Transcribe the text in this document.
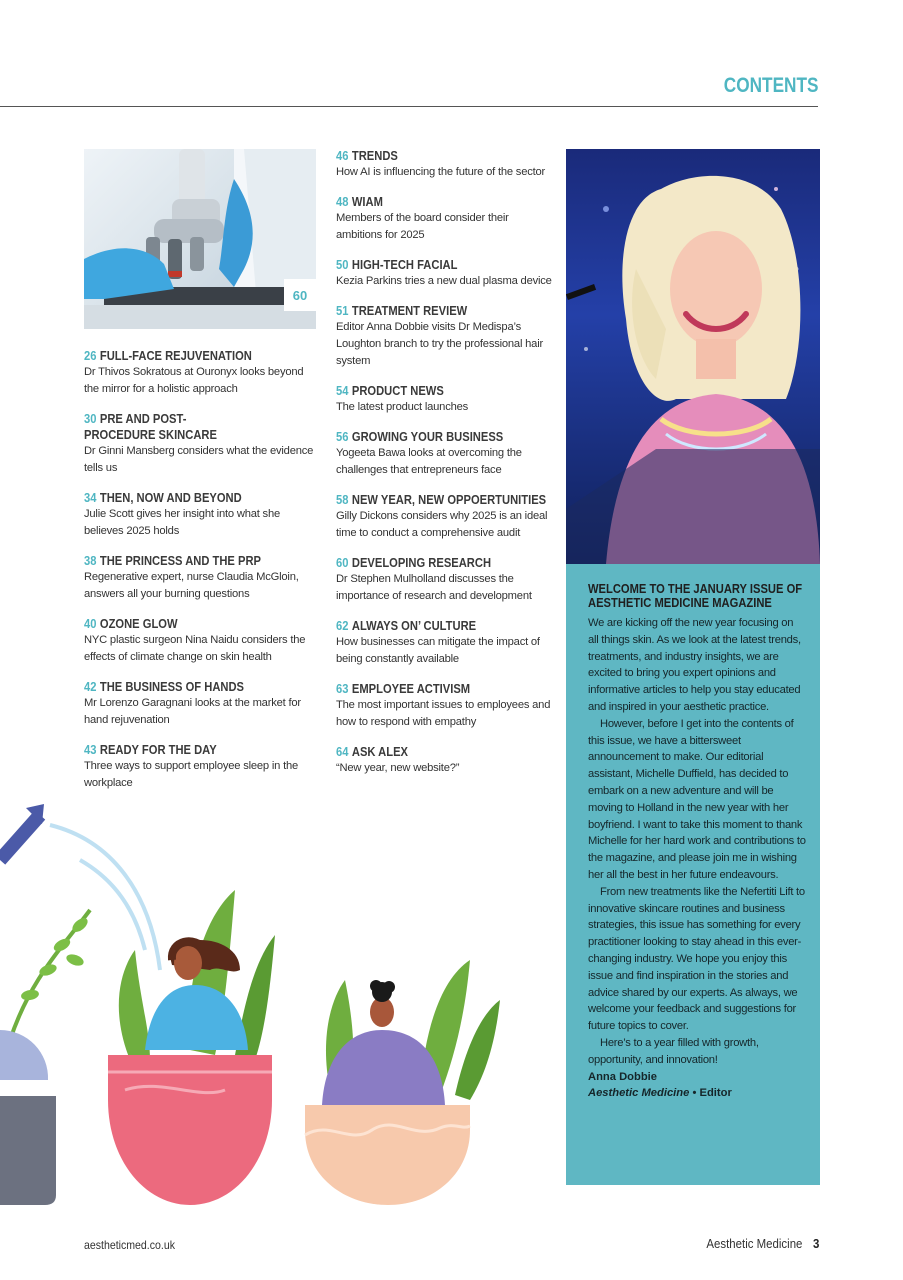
CONTENTS
60
26 FULL-FACE REJUVENATION
Dr Thivos Sokratous at Ouronyx looks beyond the mirror for a holistic approach
30 PRE AND POST-PROCEDURE SKINCARE
Dr Ginni Mansberg considers what the evidence tells us
34 THEN, NOW AND BEYOND
Julie Scott gives her insight into what she believes 2025 holds
38 THE PRINCESS AND THE PRP
Regenerative expert, nurse Claudia McGloin, answers all your burning questions
40 OZONE GLOW
NYC plastic surgeon Nina Naidu considers the effects of climate change on skin health
42 THE BUSINESS OF HANDS
Mr Lorenzo Garagnani looks at the market for hand rejuvenation
43 READY FOR THE DAY
Three ways to support employee sleep in the workplace
46 TRENDS
How AI is influencing the future of the sector
48 WIAM
Members of the board consider their ambitions for 2025
50 HIGH-TECH FACIAL
Kezia Parkins tries a new dual plasma device
51 TREATMENT REVIEW
Editor Anna Dobbie visits Dr Medispa’s Loughton branch to try the professional hair system
54 PRODUCT NEWS
The latest product launches
56 GROWING YOUR BUSINESS
Yogeeta Bawa looks at overcoming the challenges that entrepreneurs face
58 NEW YEAR, NEW OPPOERTUNITIES
Gilly Dickons considers why 2025 is an ideal time to conduct a comprehensive audit
60 DEVELOPING RESEARCH
Dr Stephen Mulholland discusses the importance of research and development
62 ALWAYS ON’ CULTURE
How businesses can mitigate the impact of being constantly available
63 EMPLOYEE ACTIVISM
The most important issues to employees and how to respond with empathy
64 ASK ALEX
“New year, new website?”
WELCOME TO THE JANUARY ISSUE OF AESTHETIC MEDICINE MAGAZINE

We are kicking off the new year focusing on all things skin. As we look at the latest trends, treatments, and industry insights, we are excited to bring you expert opinions and informative articles to help you stay educated and inspired in your aesthetic practice.

However, before I get into the contents of this issue, we have a bittersweet announcement to make. Our editorial assistant, Michelle Duffield, has decided to embark on a new adventure and will be moving to Holland in the new year with her boyfriend. I want to take this moment to thank Michelle for her hard work and contributions to the magazine, and please join me in wishing her all the best in her future endeavours.

From new treatments like the Nefertiti Lift to innovative skincare routines and business strategies, this issue has something for every practitioner looking to stay ahead in this ever-changing industry. We hope you enjoy this issue and find inspiration in the stories and advice shared by our experts. As always, we welcome your feedback and suggestions for future topics to cover.

Here’s to a year filled with growth, opportunity, and innovation!

Anna Dobbie
Aesthetic Medicine • Editor
aestheticmed.co.uk	Aesthetic Medicine 3
